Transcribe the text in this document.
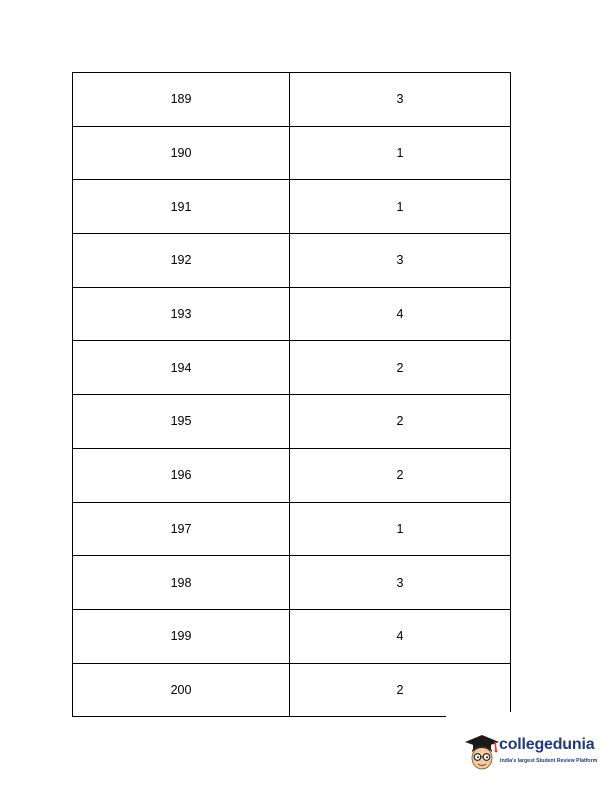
189	3
190	1
191	1
192	3
193	4
194	2
195	2
196	2
197	1
198	3
199	4
200	2
collegedunia
India's largest Student Review Platform
